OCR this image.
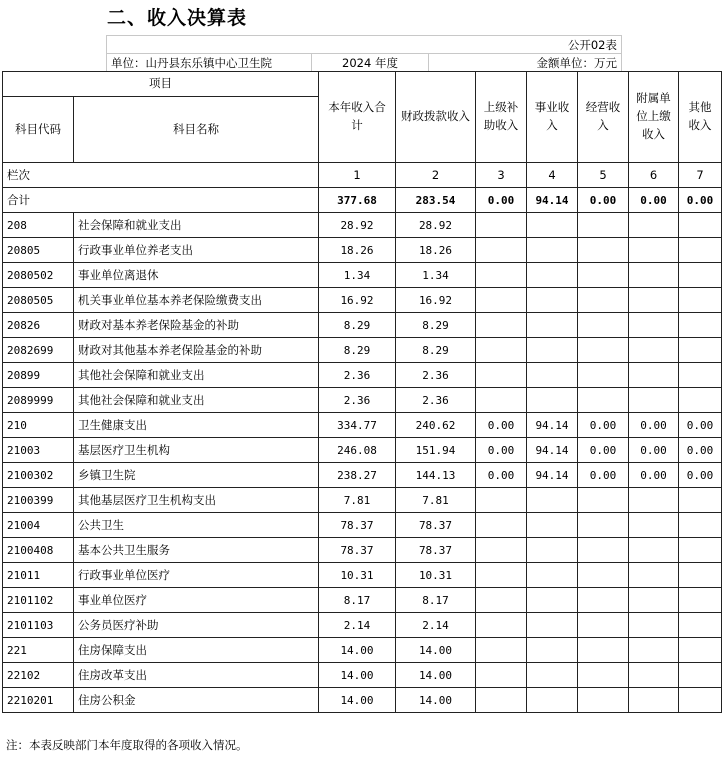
二、收入决算表
公开02表
单位：山丹县东乐镇中心卫生院	2024 年度	金额单位：万元
项目		本年收入合计	财政拨款收入	上级补助收入	事业收入	经营收入	附属单位上缴收入	其他收入
科目代码	科目名称							
栏次		1	2	3	4	5	6	7
合计		377.68	283.54	0.00	94.14	0.00	0.00	0.00
208	社会保障和就业支出	28.92	28.92					
20805	行政事业单位养老支出	18.26	18.26					
2080502	事业单位离退休	1.34	1.34					
2080505	机关事业单位基本养老保险缴费支出	16.92	16.92					
20826	财政对基本养老保险基金的补助	8.29	8.29					
2082699	财政对其他基本养老保险基金的补助	8.29	8.29					
20899	其他社会保障和就业支出	2.36	2.36					
2089999	其他社会保障和就业支出	2.36	2.36					
210	卫生健康支出	334.77	240.62	0.00	94.14	0.00	0.00	0.00
21003	基层医疗卫生机构	246.08	151.94	0.00	94.14	0.00	0.00	0.00
2100302	乡镇卫生院	238.27	144.13	0.00	94.14	0.00	0.00	0.00
2100399	其他基层医疗卫生机构支出	7.81	7.81					
21004	公共卫生	78.37	78.37					
2100408	基本公共卫生服务	78.37	78.37					
21011	行政事业单位医疗	10.31	10.31					
2101102	事业单位医疗	8.17	8.17					
2101103	公务员医疗补助	2.14	2.14					
221	住房保障支出	14.00	14.00					
22102	住房改革支出	14.00	14.00					
2210201	住房公积金	14.00	14.00					
注：本表反映部门本年度取得的各项收入情况。
